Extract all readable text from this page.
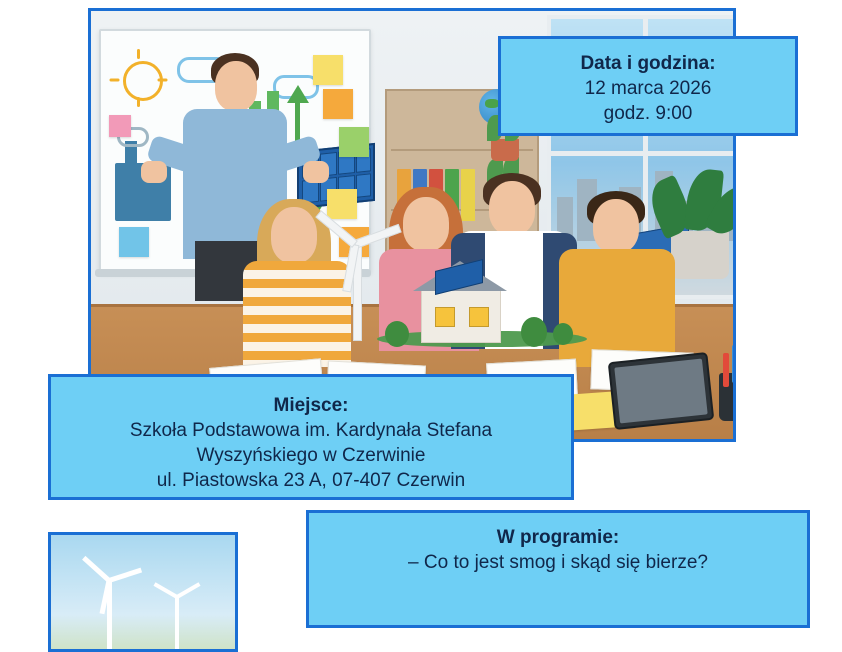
Data i godzina:
12 marca 2026
godz. 9:00
Miejsce:
Szkoła Podstawowa im. Kardynała Stefana
Wyszyńskiego w Czerwinie
ul. Piastowska 23 A, 07-407 Czerwin
W programie:
– Co to jest smog i skąd się bierze?
